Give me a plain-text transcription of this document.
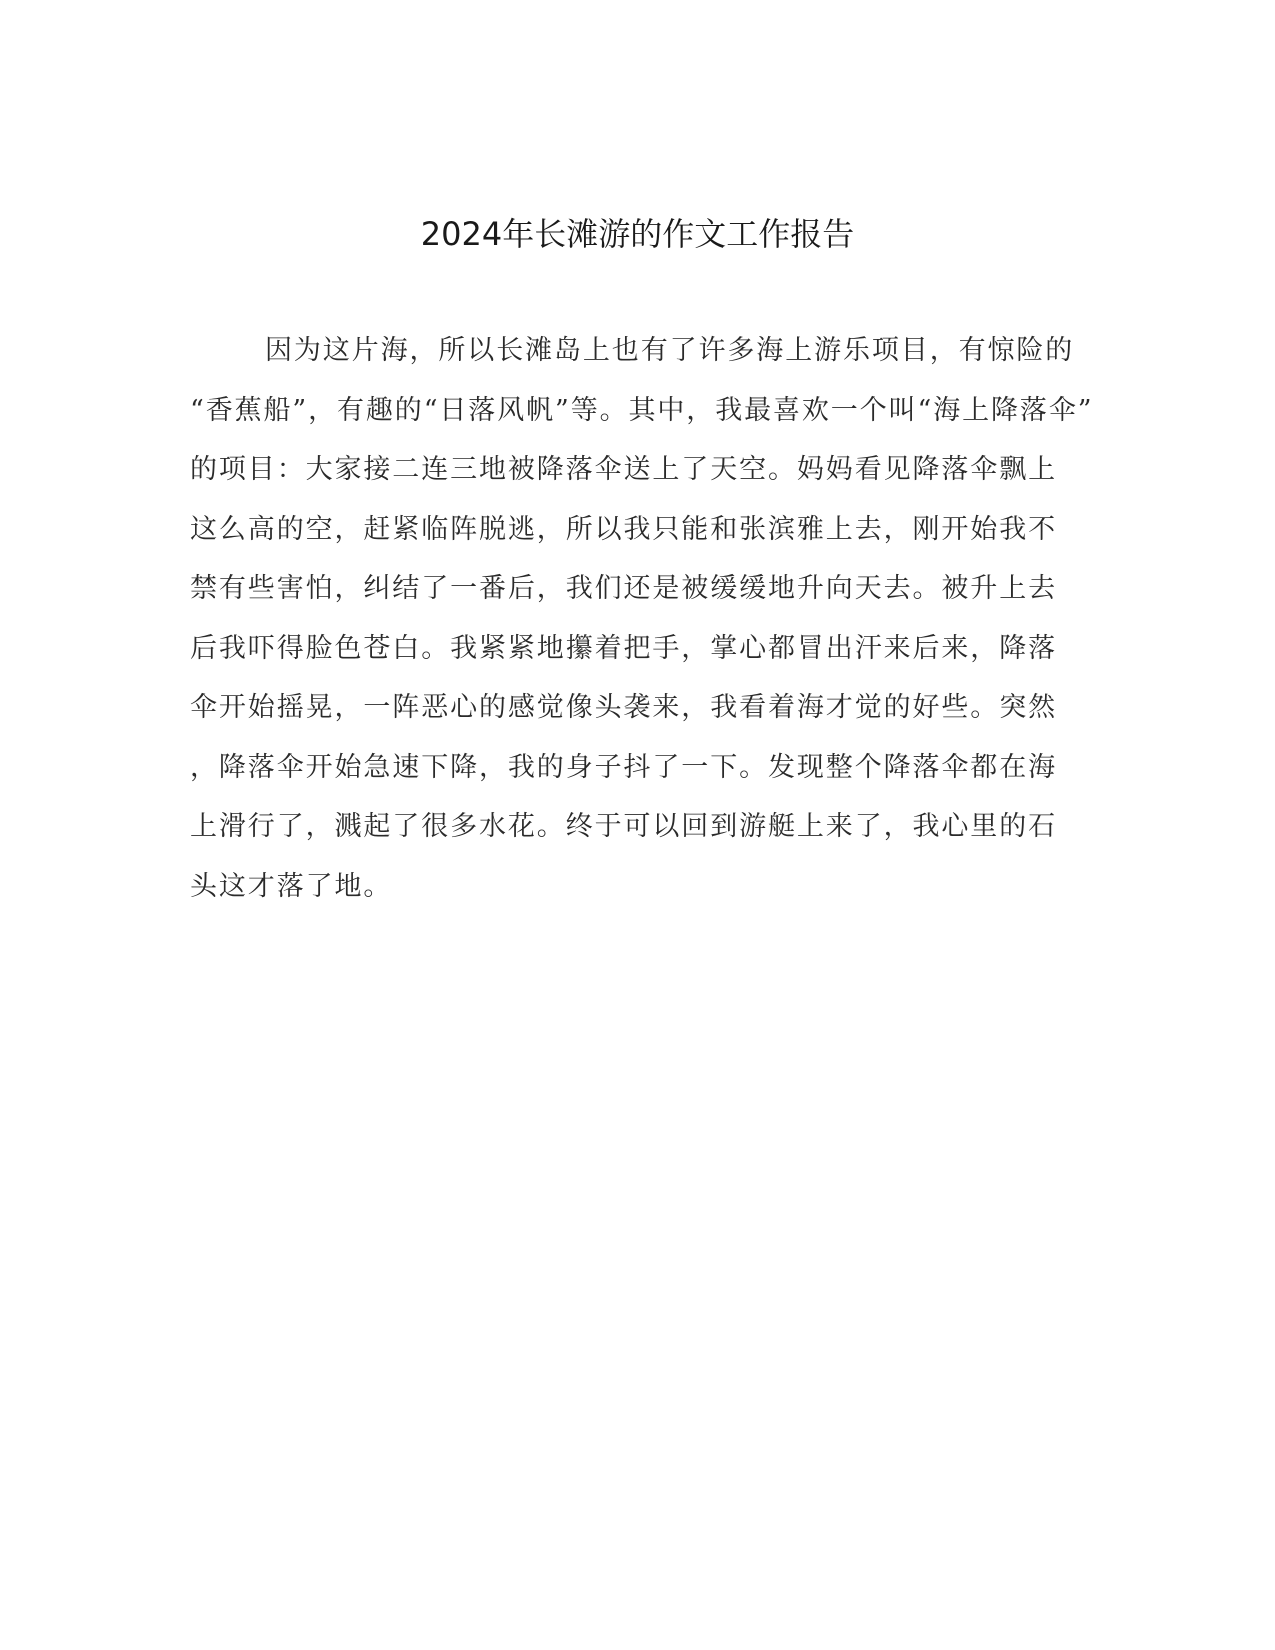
2024年长滩游的作文工作报告
因为这片海，所以长滩岛上也有了许多海上游乐项目，有惊险的
“香蕉船”，有趣的“日落风帆”等。其中，我最喜欢一个叫“海上降落伞”
的项目：大家接二连三地被降落伞送上了天空。妈妈看见降落伞飘上
这么高的空，赶紧临阵脱逃，所以我只能和张滨雅上去，刚开始我不
禁有些害怕，纠结了一番后，我们还是被缓缓地升向天去。被升上去
后我吓得脸色苍白。我紧紧地攥着把手，掌心都冒出汗来后来，降落
伞开始摇晃，一阵恶心的感觉像头袭来，我看着海才觉的好些。突然
，降落伞开始急速下降，我的身子抖了一下。发现整个降落伞都在海
上滑行了，溅起了很多水花。终于可以回到游艇上来了，我心里的石
头这才落了地。
